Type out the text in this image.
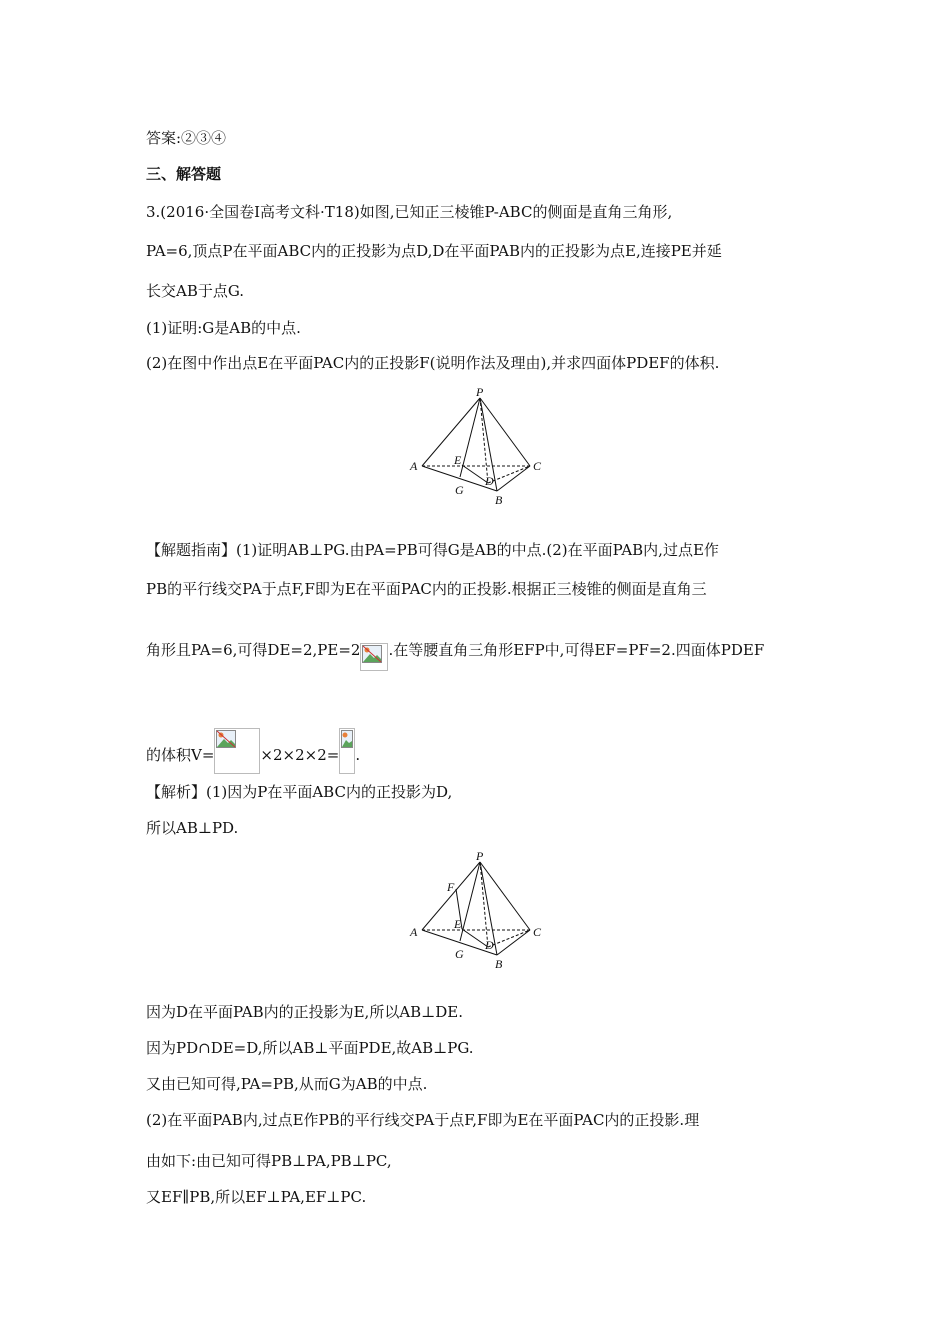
答案:②③④
三、解答题
3.(2016·全国卷Ⅰ高考文科·T18)如图,已知正三棱锥P-ABC的侧面是直角三角形,
PA=6,顶点P在平面ABC内的正投影为点D,D在平面PAB内的正投影为点E,连接PE并延
长交AB于点G.
(1)证明:G是AB的中点.
(2)在图中作出点E在平面PAC内的正投影F(说明作法及理由),并求四面体PDEF的体积.
P
A	C
E
D
G
B
【解题指南】(1)证明AB⊥PG.由PA=PB可得G是AB的中点.(2)在平面PAB内,过点E作
PB的平行线交PA于点F,F即为E在平面PAC内的正投影.根据正三棱锥的侧面是直角三
角形且PA=6,可得DE=2,PE=2 .在等腰直角三角形EFP中,可得EF=PF=2.四面体PDEF
的体积V=	×2×2×2= .
【解析】(1)因为P在平面ABC内的正投影为D,
所以AB⊥PD.
P
F
A	C
E
D
G
B
因为D在平面PAB内的正投影为E,所以AB⊥DE.
因为PD∩DE=D,所以AB⊥平面PDE,故AB⊥PG.
又由已知可得,PA=PB,从而G为AB的中点.
(2)在平面PAB内,过点E作PB的平行线交PA于点F,F即为E在平面PAC内的正投影.理
由如下:由已知可得PB⊥PA,PB⊥PC,
又EF∥PB,所以EF⊥PA,EF⊥PC.
